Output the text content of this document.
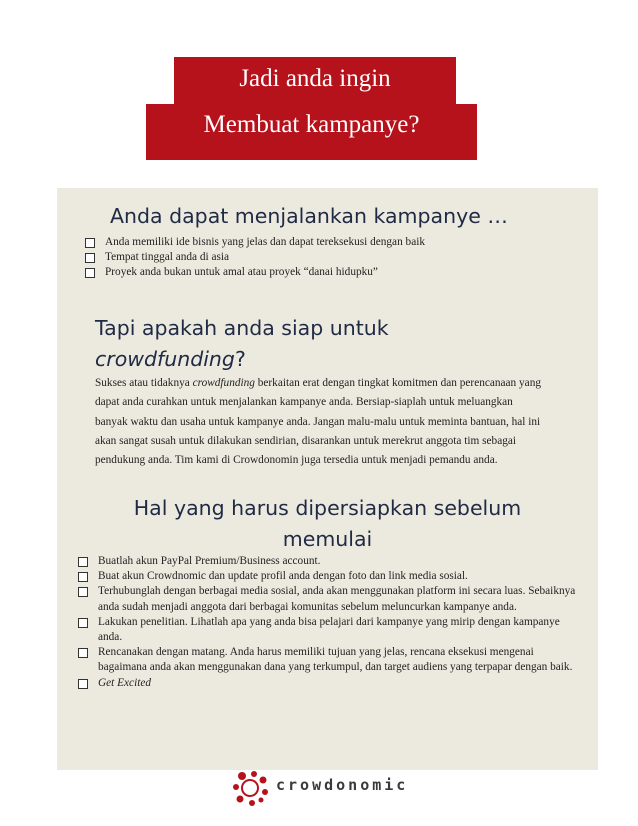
Jadi anda ingin
Membuat kampanye?
Anda dapat menjalankan kampanye …
Anda memiliki ide bisnis yang jelas dan dapat tereksekusi dengan baik
Tempat tinggal anda di asia
Proyek anda bukan untuk amal atau proyek “danai hidupku”
Tapi apakah anda siap untuk
crowdfunding?

Sukses atau tidaknya crowdfunding berkaitan erat dengan tingkat komitmen dan perencanaan yang dapat anda curahkan untuk menjalankan kampanye anda. Bersiap-siaplah untuk meluangkan banyak waktu dan usaha untuk kampanye anda. Jangan malu-malu untuk meminta bantuan, hal ini akan sangat susah untuk dilakukan sendirian, disarankan untuk merekrut anggota tim sebagai pendukung anda. Tim kami di Crowdonomin juga tersedia untuk menjadi pemandu anda.

Hal yang harus dipersiapkan sebelum
memulai
Buatlah akun PayPal Premium/Business account.
Buat akun Crowdnomic dan update profil anda dengan foto dan link media sosial.
Terhubunglah dengan berbagai media sosial, anda akan menggunakan platform ini secara luas. Sebaiknya anda sudah menjadi anggota dari berbagai komunitas sebelum meluncurkan kampanye anda.
Lakukan penelitian. Lihatlah apa yang anda bisa pelajari dari kampanye yang mirip dengan kampanye anda.
Rencanakan dengan matang. Anda harus memiliki tujuan yang jelas, rencana eksekusi mengenai bagaimana anda akan menggunakan dana yang terkumpul, dan target audiens yang terpapar dengan baik.
Get Excited
crowdonomic
